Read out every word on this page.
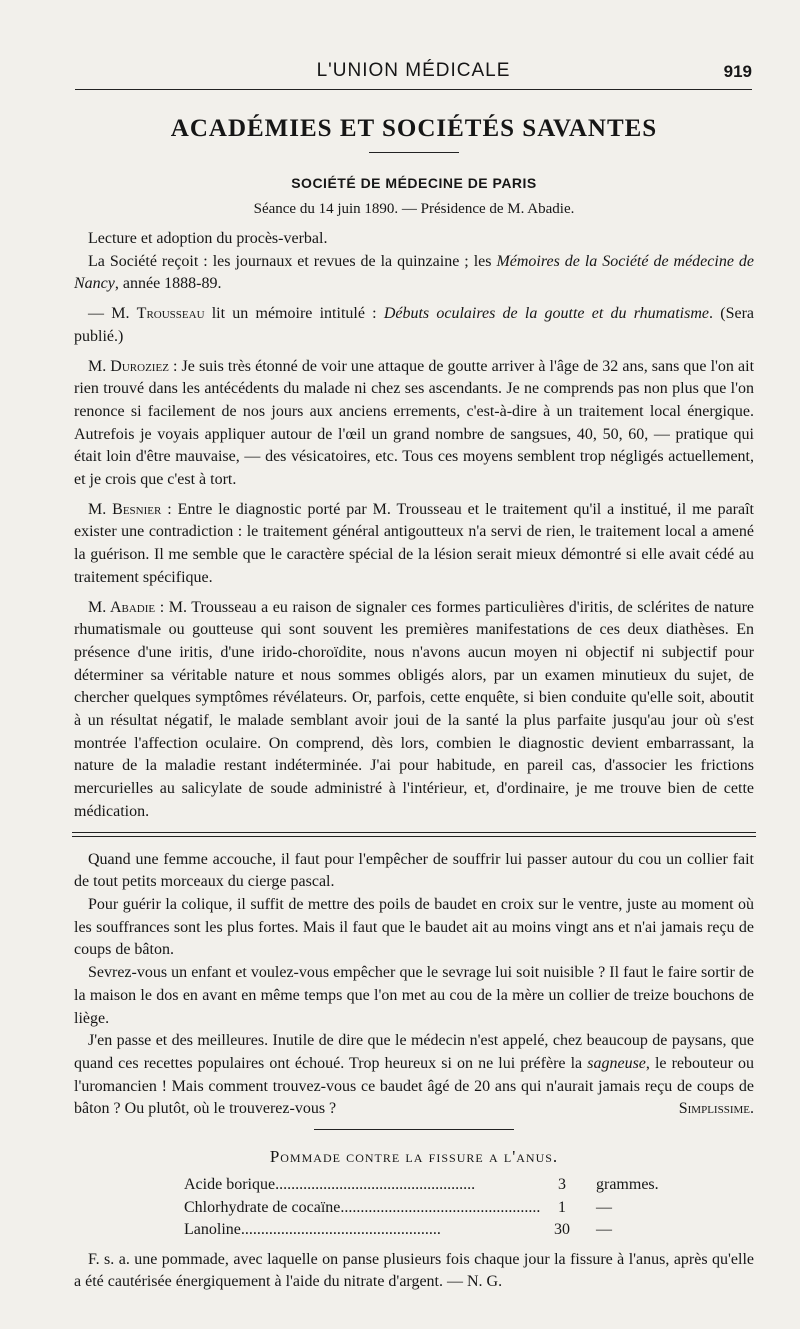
L'UNION MÉDICALE	919
ACADÉMIES ET SOCIÉTÉS SAVANTES
SOCIÉTÉ DE MÉDECINE DE PARIS
Séance du 14 juin 1890. — Présidence de M. Abadie.

Lecture et adoption du procès-verbal.

La Société reçoit : les journaux et revues de la quinzaine ; les Mémoires de la Société de médecine de Nancy, année 1888-89.

— M. Trousseau lit un mémoire intitulé : Débuts oculaires de la goutte et du rhumatisme. (Sera publié.)

M. Duroziez : Je suis très étonné de voir une attaque de goutte arriver à l'âge de 32 ans, sans que l'on ait rien trouvé dans les antécédents du malade ni chez ses ascendants. Je ne comprends pas non plus que l'on renonce si facilement de nos jours aux anciens errements, c'est-à-dire à un traitement local énergique. Autrefois je voyais appliquer autour de l'œil un grand nombre de sangsues, 40, 50, 60, — pratique qui était loin d'être mauvaise, — des vésicatoires, etc. Tous ces moyens semblent trop négligés actuellement, et je crois que c'est à tort.

M. Besnier : Entre le diagnostic porté par M. Trousseau et le traitement qu'il a institué, il me paraît exister une contradiction : le traitement général antigoutteux n'a servi de rien, le traitement local a amené la guérison. Il me semble que le caractère spécial de la lésion serait mieux démontré si elle avait cédé au traitement spécifique.

M. Abadie : M. Trousseau a eu raison de signaler ces formes particulières d'iritis, de sclérites de nature rhumatismale ou goutteuse qui sont souvent les premières manifestations de ces deux diathèses. En présence d'une iritis, d'une irido-choroïdite, nous n'avons aucun moyen ni objectif ni subjectif pour déterminer sa véritable nature et nous sommes obligés alors, par un examen minutieux du sujet, de chercher quelques symptômes révélateurs. Or, parfois, cette enquête, si bien conduite qu'elle soit, aboutit à un résultat négatif, le malade semblant avoir joui de la santé la plus parfaite jusqu'au jour où s'est montrée l'affection oculaire. On comprend, dès lors, combien le diagnostic devient embarrassant, la nature de la maladie restant indéterminée. J'ai pour habitude, en pareil cas, d'associer les frictions mercurielles au salicylate de soude administré à l'intérieur, et, d'ordinaire, je me trouve bien de cette médication.

Quand une femme accouche, il faut pour l'empêcher de souffrir lui passer autour du cou un collier fait de tout petits morceaux du cierge pascal.

Pour guérir la colique, il suffit de mettre des poils de baudet en croix sur le ventre, juste au moment où les souffrances sont les plus fortes. Mais il faut que le baudet ait au moins vingt ans et n'ai jamais reçu de coups de bâton.

Sevrez-vous un enfant et voulez-vous empêcher que le sevrage lui soit nuisible ? Il faut le faire sortir de la maison le dos en avant en même temps que l'on met au cou de la mère un collier de treize bouchons de liège.

J'en passe et des meilleures. Inutile de dire que le médecin n'est appelé, chez beaucoup de paysans, que quand ces recettes populaires ont échoué. Trop heureux si on ne lui préfère la sagneuse, le rebouteur ou l'uromancien ! Mais comment trouvez-vous ce baudet âgé de 20 ans qui n'aurait jamais reçu de coups de bâton ? Ou plutôt, où le trouverez-vous ?	Simplissime.

Pommade contre la fissure a l'anus.
Acide borique..................................................	3	grammes.
Chlorhydrate de cocaïne..................................................	1	—
Lanoline..................................................	30	—

F. s. a. une pommade, avec laquelle on panse plusieurs fois chaque jour la fissure à l'anus, après qu'elle a été cautérisée énergiquement à l'aide du nitrate d'argent. — N. G.
